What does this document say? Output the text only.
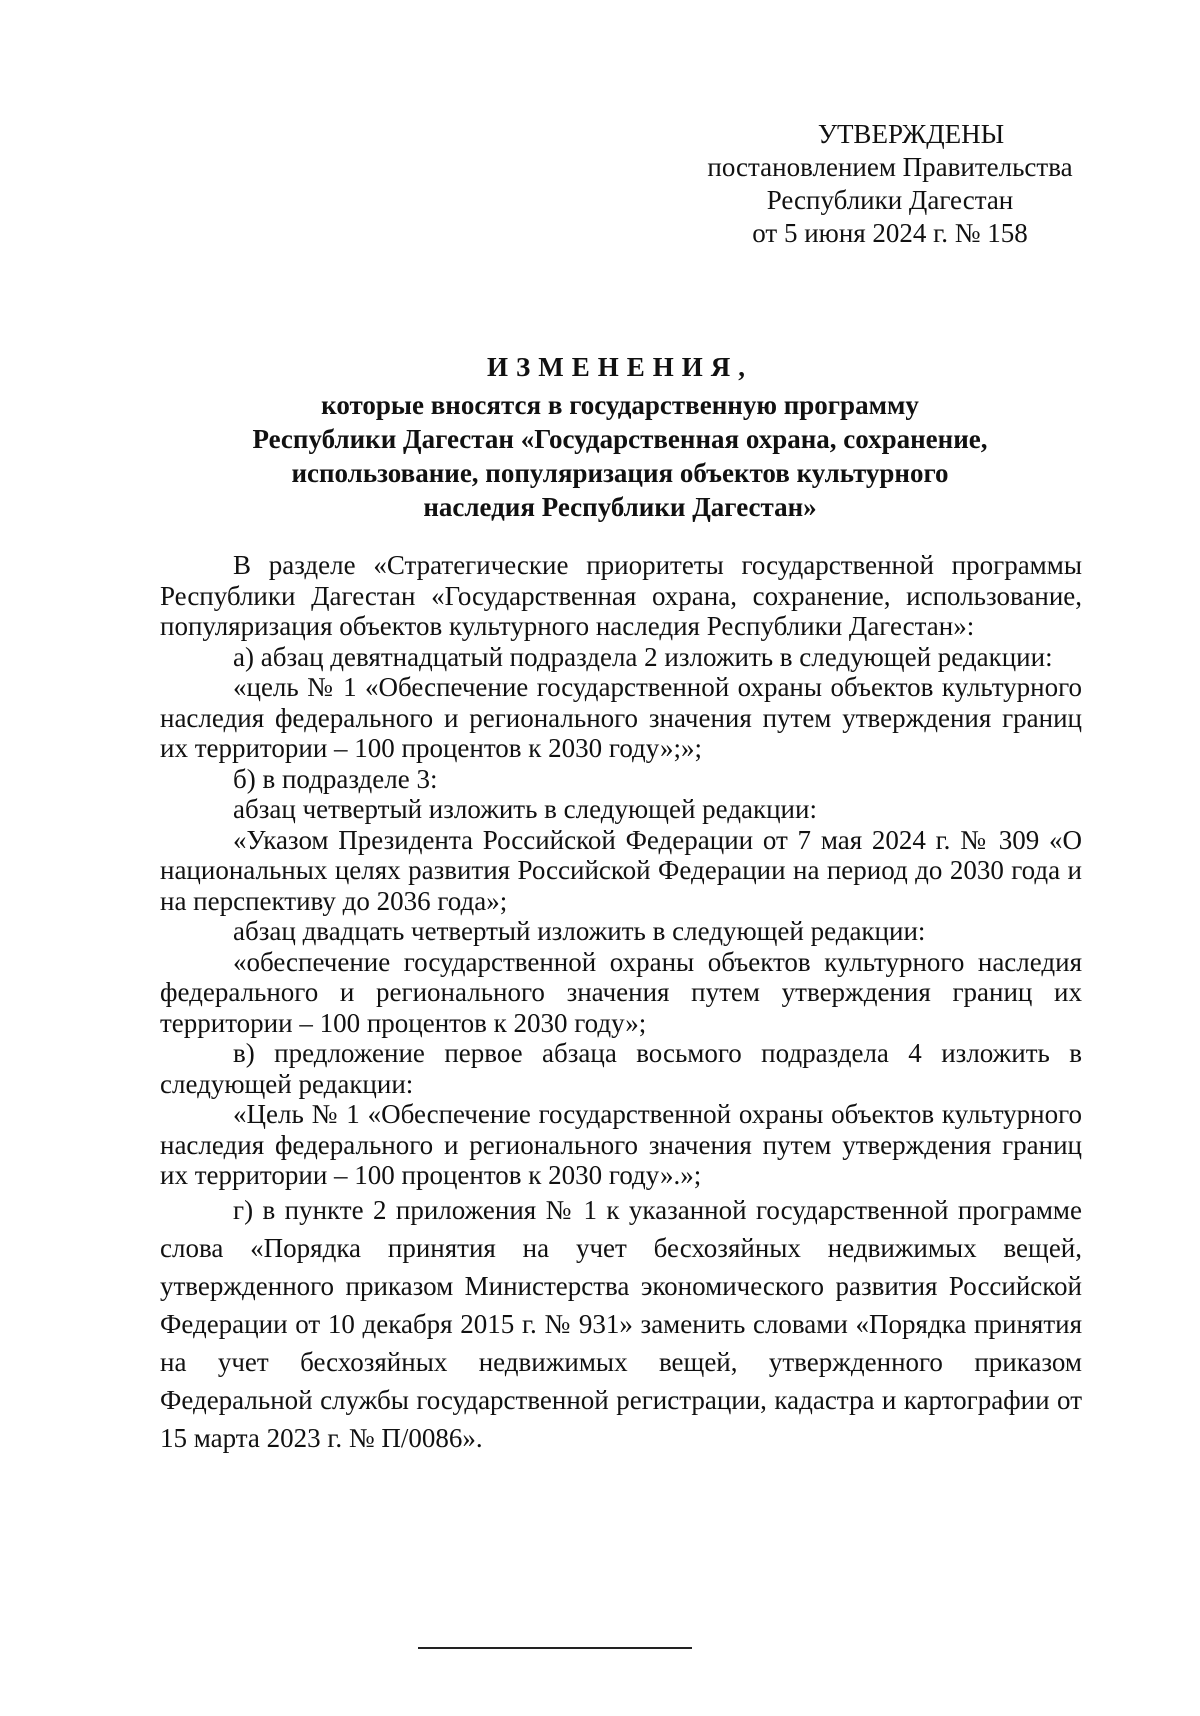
УТВЕРЖДЕНЫ
постановлением Правительства
Республики Дагестан
от 5 июня 2024 г. № 158
ИЗМЕНЕНИЯ,
которые вносятся в государственную программу
Республики Дагестан «Государственная охрана, сохранение,
использование, популяризация объектов культурного
наследия Республики Дагестан»

В разделе «Стратегические приоритеты государственной программы Республики Дагестан «Государственная охрана, сохранение, использование, популяризация объектов культурного наследия Республики Дагестан»:

а) абзац девятнадцатый подраздела 2 изложить в следующей редакции:

«цель № 1 «Обеспечение государственной охраны объектов культурного наследия федерального и регионального значения путем утверждения границ их территории – 100 процентов к 2030 году»;»;

б) в подразделе 3:

абзац четвертый изложить в следующей редакции:

«Указом Президента Российской Федерации от 7 мая 2024 г. № 309 «О национальных целях развития Российской Федерации на период до 2030 года и на перспективу до 2036 года»;

абзац двадцать четвертый изложить в следующей редакции:

«обеспечение государственной охраны объектов культурного наследия федерального и регионального значения путем утверждения границ их территории – 100 процентов к 2030 году»;

в) предложение первое абзаца восьмого подраздела 4 изложить в следующей редакции:

«Цель № 1 «Обеспечение государственной охраны объектов культурного наследия федерального и регионального значения путем утверждения границ их территории – 100 процентов к 2030 году».»;

г) в пункте 2 приложения № 1 к указанной государственной программе слова «Порядка принятия на учет бесхозяйных недвижимых вещей, утвержденного приказом Министерства экономического развития Российской Федерации от 10 декабря 2015 г. № 931» заменить словами «Порядка принятия на учет бесхозяйных недвижимых вещей, утвержденного приказом Федеральной службы государственной регистрации, кадастра и картографии от 15 марта 2023 г. № П/0086».
